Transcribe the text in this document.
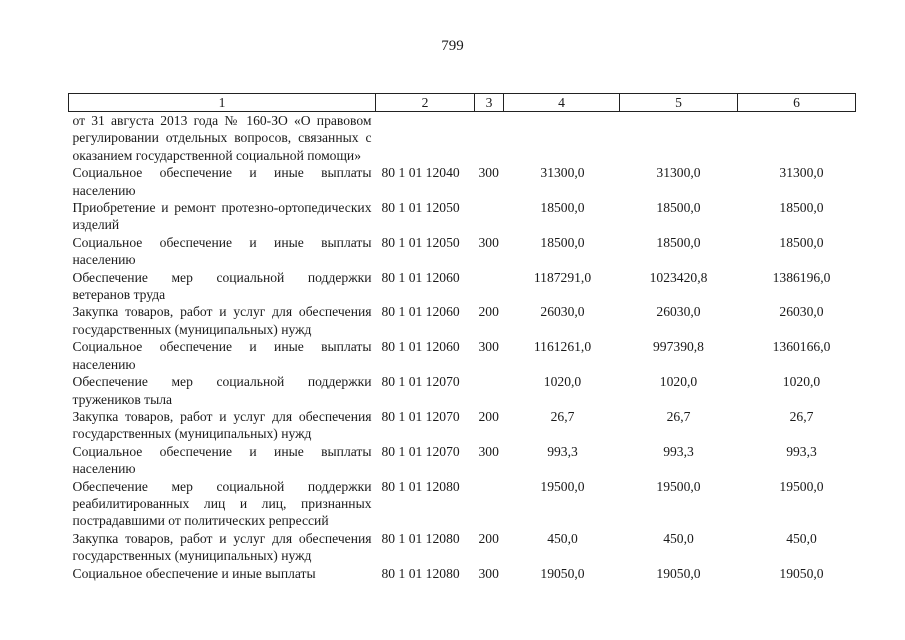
799
1	2	3	4	5	6
от 31 августа 2013 года № 160-ЗО «О правовом регулировании отдельных вопросов, связанных с оказанием государственной социальной помощи»					
Социальное обеспечение и иные выплаты населению	80 1 01 12040	300	31300,0	31300,0	31300,0
Приобретение и ремонт протезно-ортопедических изделий	80 1 01 12050		18500,0	18500,0	18500,0
Социальное обеспечение и иные выплаты населению	80 1 01 12050	300	18500,0	18500,0	18500,0
Обеспечение мер социальной поддержки ветеранов труда	80 1 01 12060		1187291,0	1023420,8	1386196,0
Закупка товаров, работ и услуг для обеспечения государственных (муниципальных) нужд	80 1 01 12060	200	26030,0	26030,0	26030,0
Социальное обеспечение и иные выплаты населению	80 1 01 12060	300	1161261,0	997390,8	1360166,0
Обеспечение мер социальной поддержки тружеников тыла	80 1 01 12070		1020,0	1020,0	1020,0
Закупка товаров, работ и услуг для обеспечения государственных (муниципальных) нужд	80 1 01 12070	200	26,7	26,7	26,7
Социальное обеспечение и иные выплаты населению	80 1 01 12070	300	993,3	993,3	993,3
Обеспечение мер социальной поддержки реабилитированных лиц и лиц, признанных пострадавшими от политических репрессий	80 1 01 12080		19500,0	19500,0	19500,0
Закупка товаров, работ и услуг для обеспечения государственных (муниципальных) нужд	80 1 01 12080	200	450,0	450,0	450,0
Социальное обеспечение и иные выплаты	80 1 01 12080	300	19050,0	19050,0	19050,0
